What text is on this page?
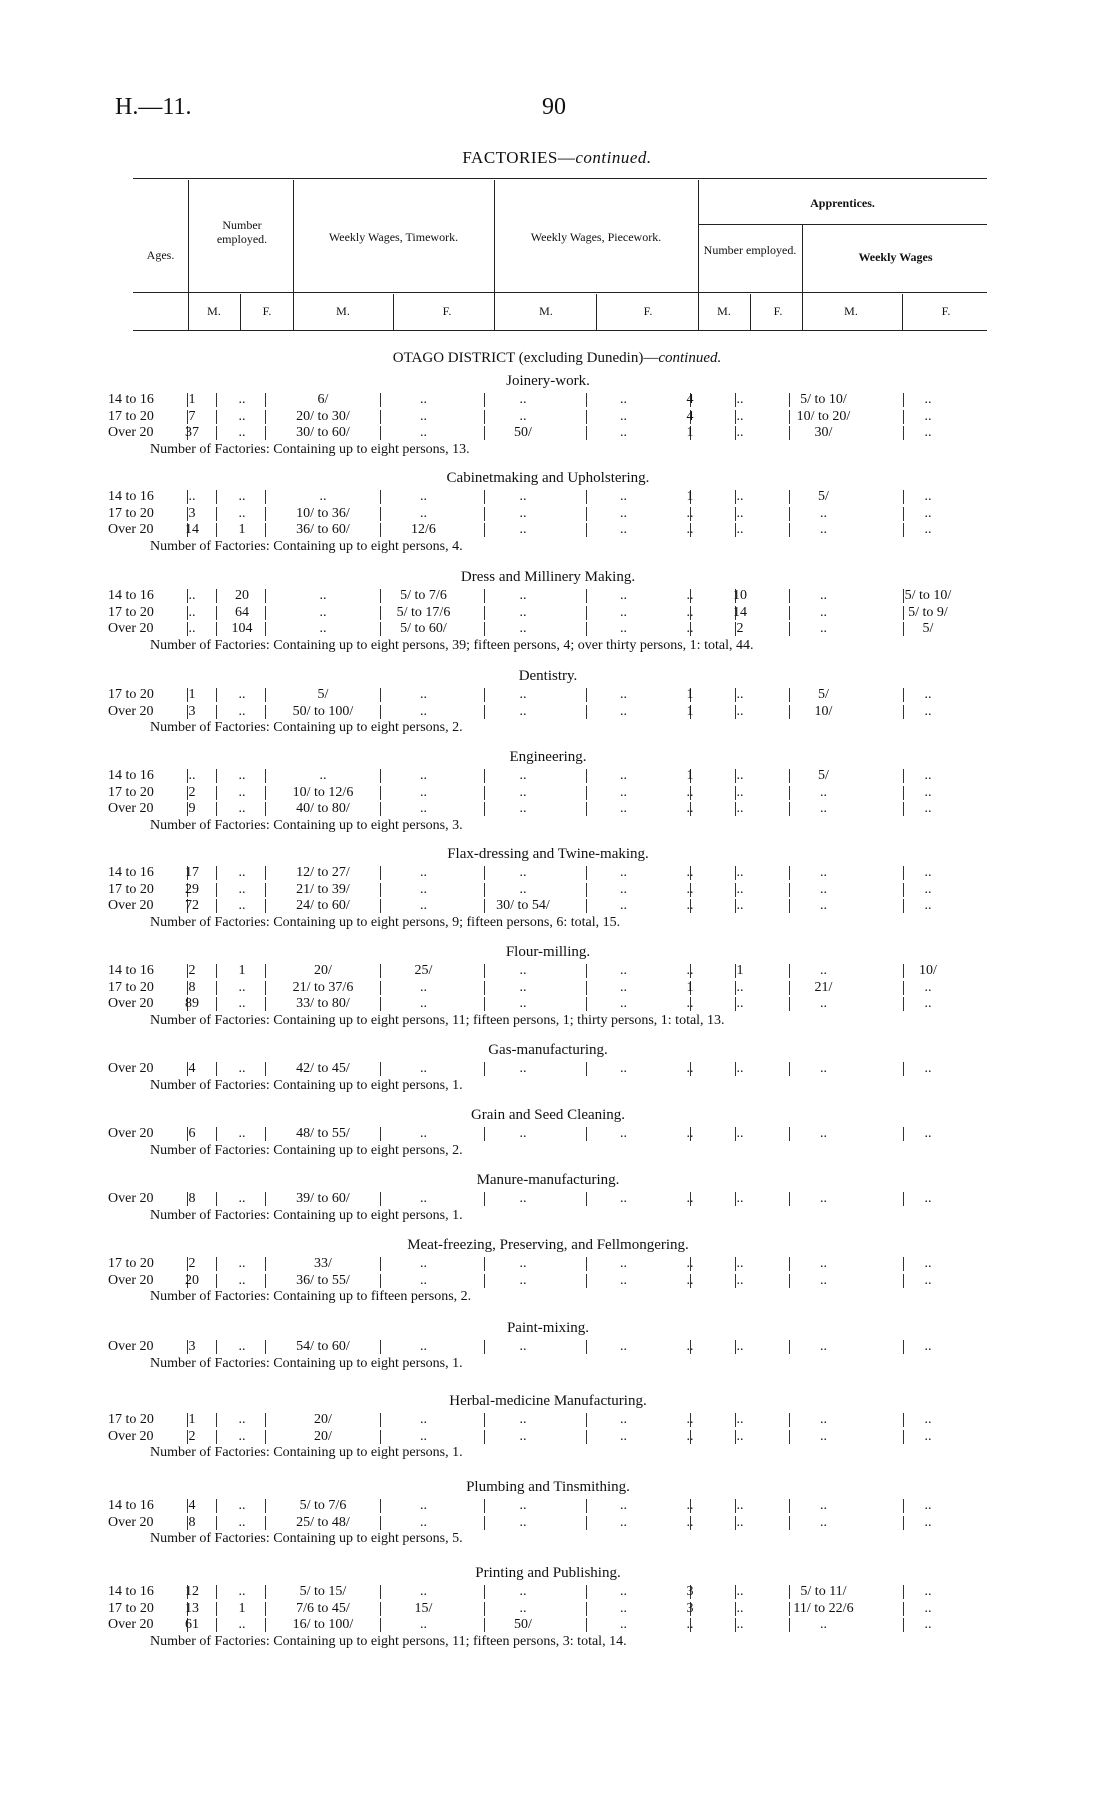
H.—11.	90
FACTORIES—continued.
Ages.
Number employed.	Weekly Wages, Timework.	Weekly Wages, Piecework.
Apprentices.
Number employed.	Weekly Wages
M.	F.	M.	F.	M.	F.	M.	F.	M.	F.
OTAGO DISTRICT (excluding Dunedin)—continued.
Joinery-work.
14 to 16	1	..	6/	..	..	..	4	..	5/ to 10/	..
17 to 20	7	..	20/ to 30/	..	..	..	4	..	10/ to 20/	..
Over 20	37	..	30/ to 60/	..	50/	..	1	..	30/	..
Number of Factories: Containing up to eight persons, 13.
Cabinetmaking and Upholstering.
14 to 16	..	..	..	..	..	..	1	..	5/	..
17 to 20	3	..	10/ to 36/	..	..	..	..	..	..	..
Over 20	14	1	36/ to 60/	12/6	..	..	..	..	..	..
Number of Factories: Containing up to eight persons, 4.
Dress and Millinery Making.
14 to 16	..	20	..	5/ to 7/6	..	..	..	10	..	5/ to 10/
17 to 20	..	64	..	5/ to 17/6	..	..	..	14	..	5/ to 9/
Over 20	..	104	..	5/ to 60/	..	..	..	2	..	5/
Number of Factories: Containing up to eight persons, 39; fifteen persons, 4; over thirty persons, 1: total, 44.
Dentistry.
17 to 20	1	..	5/	..	..	..	1	..	5/	..
Over 20	3	..	50/ to 100/	..	..	..	1	..	10/	..
Number of Factories: Containing up to eight persons, 2.
Engineering.
14 to 16	..	..	..	..	..	..	1	..	5/	..
17 to 20	2	..	10/ to 12/6	..	..	..	..	..	..	..
Over 20	9	..	40/ to 80/	..	..	..	..	..	..	..
Number of Factories: Containing up to eight persons, 3.
Flax-dressing and Twine-making.
14 to 16	17	..	12/ to 27/	..	..	..	..	..	..	..
17 to 20	29	..	21/ to 39/	..	..	..	..	..	..	..
Over 20	72	..	24/ to 60/	..	30/ to 54/	..	..	..	..	..
Number of Factories: Containing up to eight persons, 9; fifteen persons, 6: total, 15.
Flour-milling.
14 to 16	2	1	20/	25/	..	..	..	1	..	10/
17 to 20	8	..	21/ to 37/6	..	..	..	1	..	21/	..
Over 20	89	..	33/ to 80/	..	..	..	..	..	..	..
Number of Factories: Containing up to eight persons, 11; fifteen persons, 1; thirty persons, 1: total, 13.
Gas-manufacturing.
Over 20	4	..	42/ to 45/	..	..	..	..	..	..	..
Number of Factories: Containing up to eight persons, 1.
Grain and Seed Cleaning.
Over 20	6	..	48/ to 55/	..	..	..	..	..	..	..
Number of Factories: Containing up to eight persons, 2.
Manure-manufacturing.
Over 20	8	..	39/ to 60/	..	..	..	..	..	..	..
Number of Factories: Containing up to eight persons, 1.
Meat-freezing, Preserving, and Fellmongering.
17 to 20	2	..	33/	..	..	..	..	..	..	..
Over 20	20	..	36/ to 55/	..	..	..	..	..	..	..
Number of Factories: Containing up to fifteen persons, 2.
Paint-mixing.
Over 20	3	..	54/ to 60/	..	..	..	..	..	..	..
Number of Factories: Containing up to eight persons, 1.
Herbal-medicine Manufacturing.
17 to 20	1	..	20/	..	..	..	..	..	..	..
Over 20	2	..	20/	..	..	..	..	..	..	..
Number of Factories: Containing up to eight persons, 1.
Plumbing and Tinsmithing.
14 to 16	4	..	5/ to 7/6	..	..	..	..	..	..	..
Over 20	8	..	25/ to 48/	..	..	..	..	..	..	..
Number of Factories: Containing up to eight persons, 5.
Printing and Publishing.
14 to 16	12	..	5/ to 15/	..	..	..	3	..	5/ to 11/	..
17 to 20	13	1	7/6 to 45/	15/	..	..	3	..	11/ to 22/6	..
Over 20	61	..	16/ to 100/	..	50/	..	..	..	..	..
Number of Factories: Containing up to eight persons, 11; fifteen persons, 3: total, 14.
